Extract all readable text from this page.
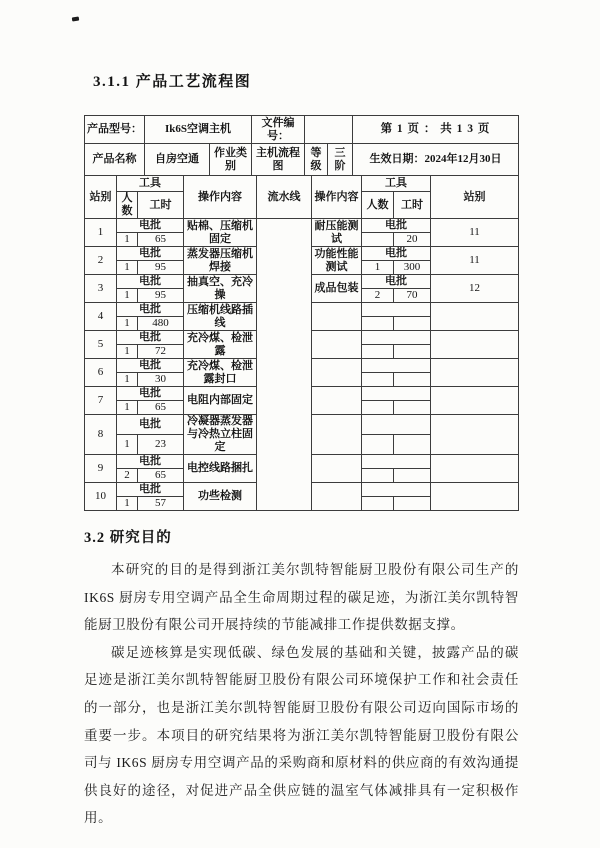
3.1.1 产品工艺流程图
产品型号：	Ik6S空调主机		文件编号：			第 1 页 ： 共 1 3 页
产品名称	自房空通	作业类别	主机流程图	等级	三阶	生效日期：2024年12月30日
站别	工具		操作内容	流水线	操作内容	工具		站别
	人数	工时				人数	工时	
1	电批		贴棉、压缩机固定		耐压能测试	电批		11
	1	65					20	
2	电批		蒸发器压缩机焊接		功能性能测试	电批		11
	1	95				1	300	
3	电批		抽真空、充冷操		成品包装	电批		12
	1	95				2	70	
4	电批		压缩机线路插线					
	1	480						
5	电批		充冷煤、检泄露					
	1	72						
6	电批		充冷煤、检泄露封口					
	1	30						
7	电批		电阻内部固定					
	1	65						
8	电批		冷凝器蒸发器与冷热立柱固定					
	1	23						
9	电批		电控线路捆扎					
	2	65						
10	电批		功些检测					
	1	57						
3.2 研究目的

本研究的目的是得到浙江美尔凯特智能厨卫股份有限公司生产的 IK6S 厨房专用空调产品全生命周期过程的碳足迹，为浙江美尔凯特智能厨卫股份有限公司开展持续的节能减排工作提供数据支撑。

碳足迹核算是实现低碳、绿色发展的基础和关键，披露产品的碳足迹是浙江美尔凯特智能厨卫股份有限公司环境保护工作和社会责任的一部分，也是浙江美尔凯特智能厨卫股份有限公司迈向国际市场的重要一步。本项目的研究结果将为浙江美尔凯特智能厨卫股份有限公司与 IK6S 厨房专用空调产品的采购商和原材料的供应商的有效沟通提供良好的途径，对促进产品全供应链的温室气体减排具有一定积极作用。
